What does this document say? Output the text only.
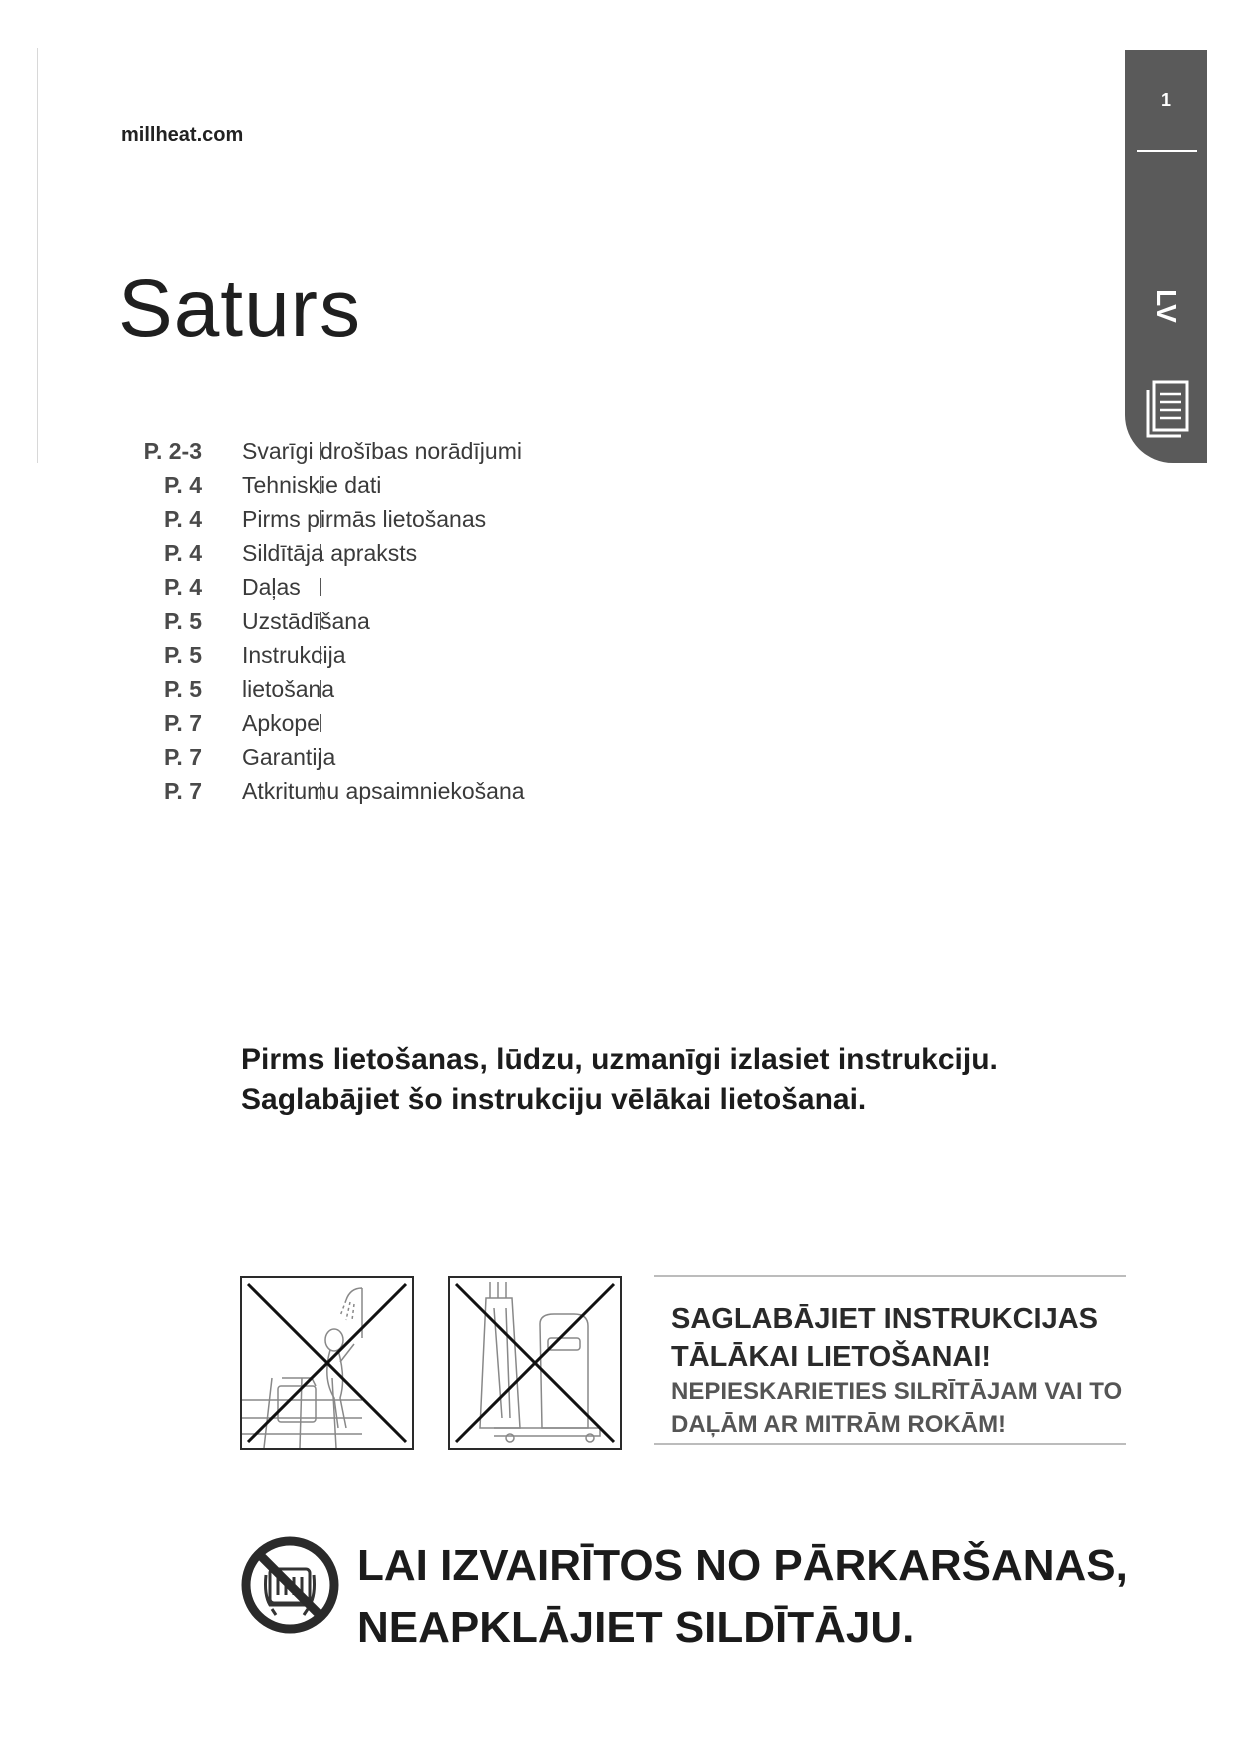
millheat.com
Saturs
1
LV
P. 2-3 Svarīgi drošības norādījumi
P. 4 Tehniskie dati
P. 4 Pirms pirmās lietošanas
P. 4 Sildītāja apraksts
P. 4 Daļas
P. 5 Uzstādīšana
P. 5 Instrukcija
P. 5 lietošana
P. 7 Apkope
P. 7 Garantija
P. 7 Atkritumu apsaimniekošana
Pirms lietošanas, lūdzu, uzmanīgi izlasiet instrukciju.
Saglabājiet šo instrukciju vēlākai lietošanai.
SAGLABĀJIET INSTRUKCIJAS
TĀLĀKAI LIETOŠANAI!
NEPIESKARIETIES SILRĪTĀJAM VAI TO
DAĻĀM AR MITRĀM ROKĀM!
LAI IZVAIRĪTOS NO PĀRKARŠANAS,
NEAPKLĀJIET SILDĪTĀJU.
